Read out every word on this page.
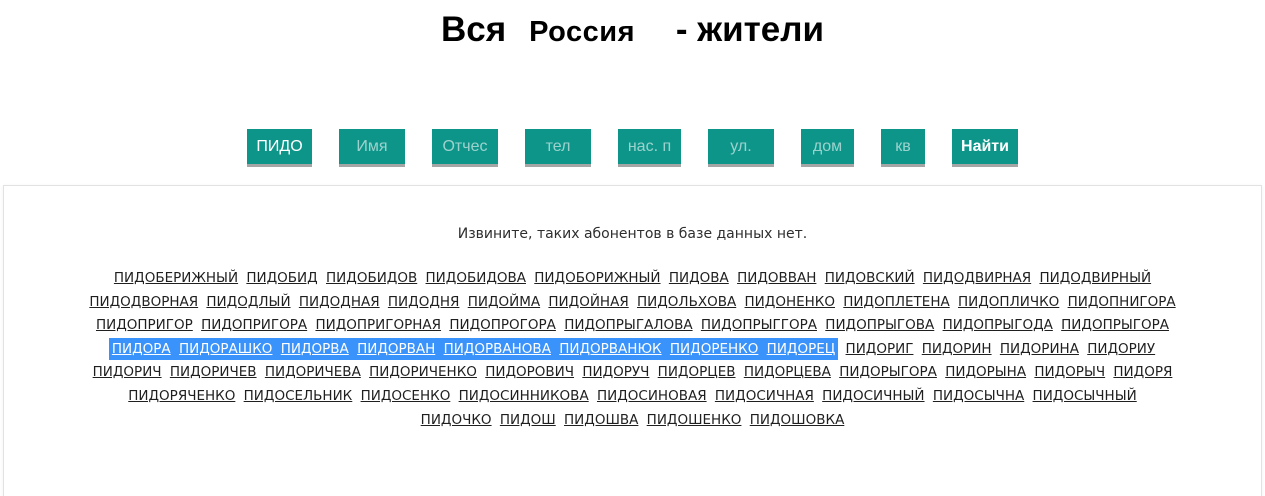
Вся Россия - жители
ПИДО
Имя
Отчес
тел
нас. п
ул.
дом
кв
Найти
Извините, таких абонентов в базе данных нет.
ПИДОБЕРИЖНЫЙ ПИДОБИД ПИДОБИДОВ ПИДОБИДОВА ПИДОБОРИЖНЫЙ ПИДОВА ПИДОВВАН ПИДОВСКИЙ ПИДОДВИРНАЯ ПИДОДВИРНЫЙ
ПИДОДВОРНАЯ ПИДОДЛЫЙ ПИДОДНАЯ ПИДОДНЯ ПИДОЙМА ПИДОЙНАЯ ПИДОЛЬХОВА ПИДОНЕНКО ПИДОПЛЕТЕНА ПИДОПЛИЧКО ПИДОПНИГОРА
ПИДОПРИГОР ПИДОПРИГОРА ПИДОПРИГОРНАЯ ПИДОПРОГОРА ПИДОПРЫГАЛОВА ПИДОПРЫГГОРА ПИДОПРЫГОВА ПИДОПРЫГОДА ПИДОПРЫГОРА
ПИДОРА ПИДОРАШКО ПИДОРВА ПИДОРВАН ПИДОРВАНОВА ПИДОРВАНЮК ПИДОРЕНКО ПИДОРЕЦ ПИДОРИГ ПИДОРИН ПИДОРИНА ПИДОРИУ
ПИДОРИЧ ПИДОРИЧЕВ ПИДОРИЧЕВА ПИДОРИЧЕНКО ПИДОРОВИЧ ПИДОРУЧ ПИДОРЦЕВ ПИДОРЦЕВА ПИДОРЫГОРА ПИДОРЫНА ПИДОРЫЧ ПИДОРЯ
ПИДОРЯЧЕНКО ПИДОСЕЛЬНИК ПИДОСЕНКО ПИДОСИННИКОВА ПИДОСИНОВАЯ ПИДОСИЧНАЯ ПИДОСИЧНЫЙ ПИДОСЫЧНА ПИДОСЫЧНЫЙ
ПИДОЧКО ПИДОШ ПИДОШВА ПИДОШЕНКО ПИДОШОВКА
